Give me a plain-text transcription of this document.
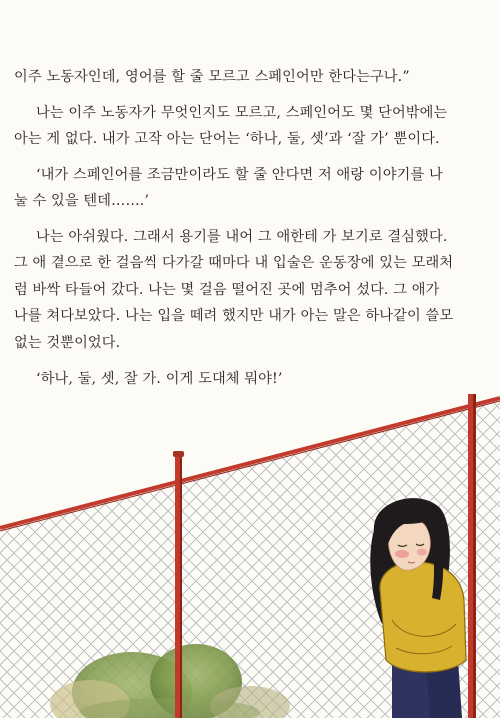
이주 노동자인데, 영어를 할 줄 모르고 스페인어만 한다는구나.”
나는 이주 노동자가 무엇인지도 모르고, 스페인어도 몇 단어밖에는
아는 게 없다. 내가 고작 아는 단어는 ‘하나, 둘, 셋’과 ‘잘 가’ 뿐이다.
‘내가 스페인어를 조금만이라도 할 줄 안다면 저 애랑 이야기를 나
눌 수 있을 텐데…….’
나는 아쉬웠다. 그래서 용기를 내어 그 애한테 가 보기로 결심했다.
그 애 곁으로 한 걸음씩 다가갈 때마다 내 입술은 운동장에 있는 모래처
럼 바싹 타들어 갔다. 나는 몇 걸음 떨어진 곳에 멈추어 섰다. 그 애가
나를 쳐다보았다. 나는 입을 떼려 했지만 내가 아는 말은 하나같이 쓸모
없는 것뿐이었다.
‘하나, 둘, 셋, 잘 가. 이게 도대체 뭐야!’
